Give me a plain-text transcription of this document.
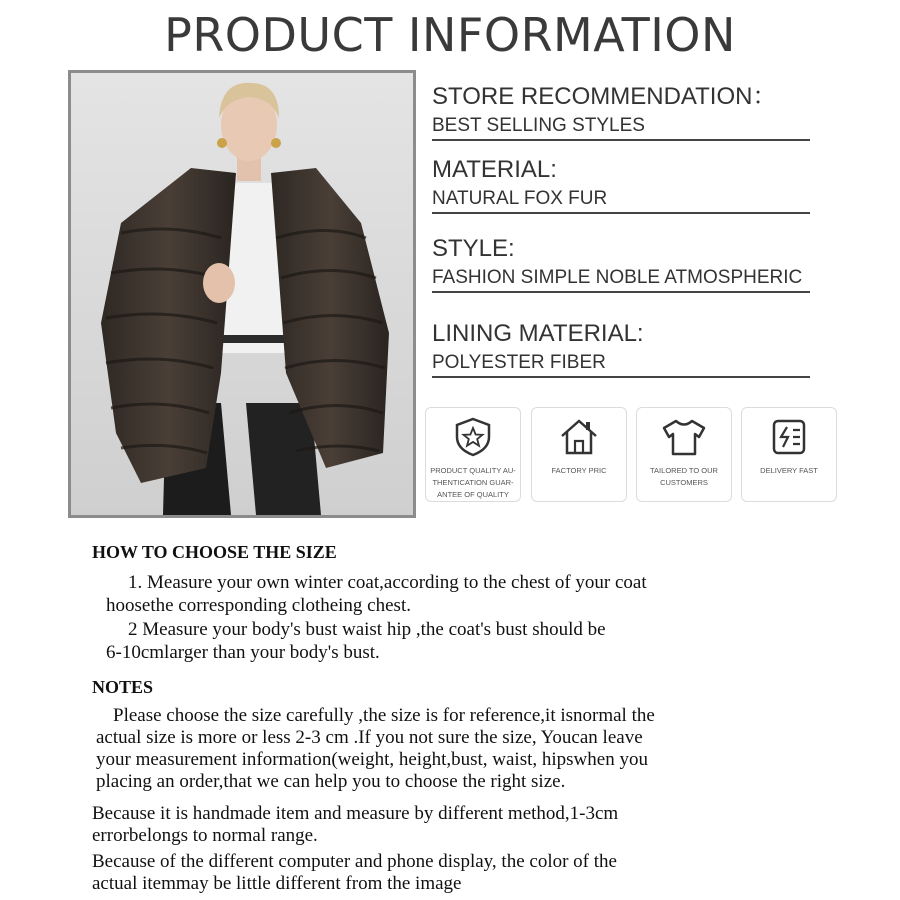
PRODUCT INFORMATION
STORE RECOMMENDATION：
BEST SELLING STYLES
MATERIAL:
NATURAL FOX FUR
STYLE:
FASHION SIMPLE NOBLE ATMOSPHERIC
LINING MATERIAL:
POLYESTER FIBER
PRODUCT QUALITY AU-
THENTICATION GUAR-
ANTEE OF QUALITY
FACTORY PRIC	TAILORED TO OUR
CUSTOMERS
DELIVERY FAST
HOW TO CHOOSE THE SIZE
1. Measure your own winter coat,according to the chest of your coat
hoosethe corresponding clotheing chest.
2 Measure your body's bust waist hip ,the coat's bust should be
6-10cmlarger than your body's bust.
NOTES
Please choose the size carefully ,the size is for reference,it isnormal the
actual size is more or less 2-3 cm .If you not sure the size, Youcan leave
your measurement information(weight, height,bust, waist, hipswhen you
placing an order,that we can help you to choose the right size.
Because it is handmade item and measure by different method,1-3cm
errorbelongs to normal range.
Because of the different computer and phone display, the color of the
actual itemmay be little different from the image
